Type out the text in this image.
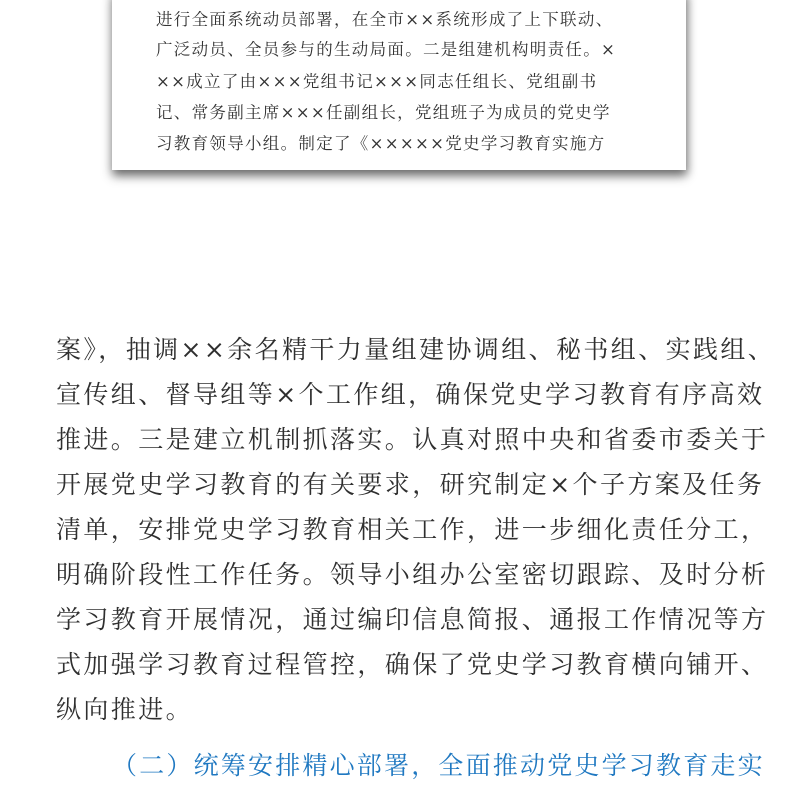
进行全面系统动员部署，在全市××系统形成了上下联动、
广泛动员、全员参与的生动局面。二是组建机构明责任。×
××成立了由×××党组书记×××同志任组长、党组副书
记、常务副主席×××任副组长，党组班子为成员的党史学
习教育领导小组。制定了《×××××党史学习教育实施方
案》，抽调××余名精干力量组建协调组、秘书组、实践组、
宣传组、督导组等×个工作组，确保党史学习教育有序高效
推进。三是建立机制抓落实。认真对照中央和省委市委关于
开展党史学习教育的有关要求，研究制定×个子方案及任务
清单，安排党史学习教育相关工作，进一步细化责任分工，
明确阶段性工作任务。领导小组办公室密切跟踪、及时分析
学习教育开展情况，通过编印信息简报、通报工作情况等方
式加强学习教育过程管控，确保了党史学习教育横向铺开、
纵向推进。
（二）统筹安排精心部署，全面推动党史学习教育走实
